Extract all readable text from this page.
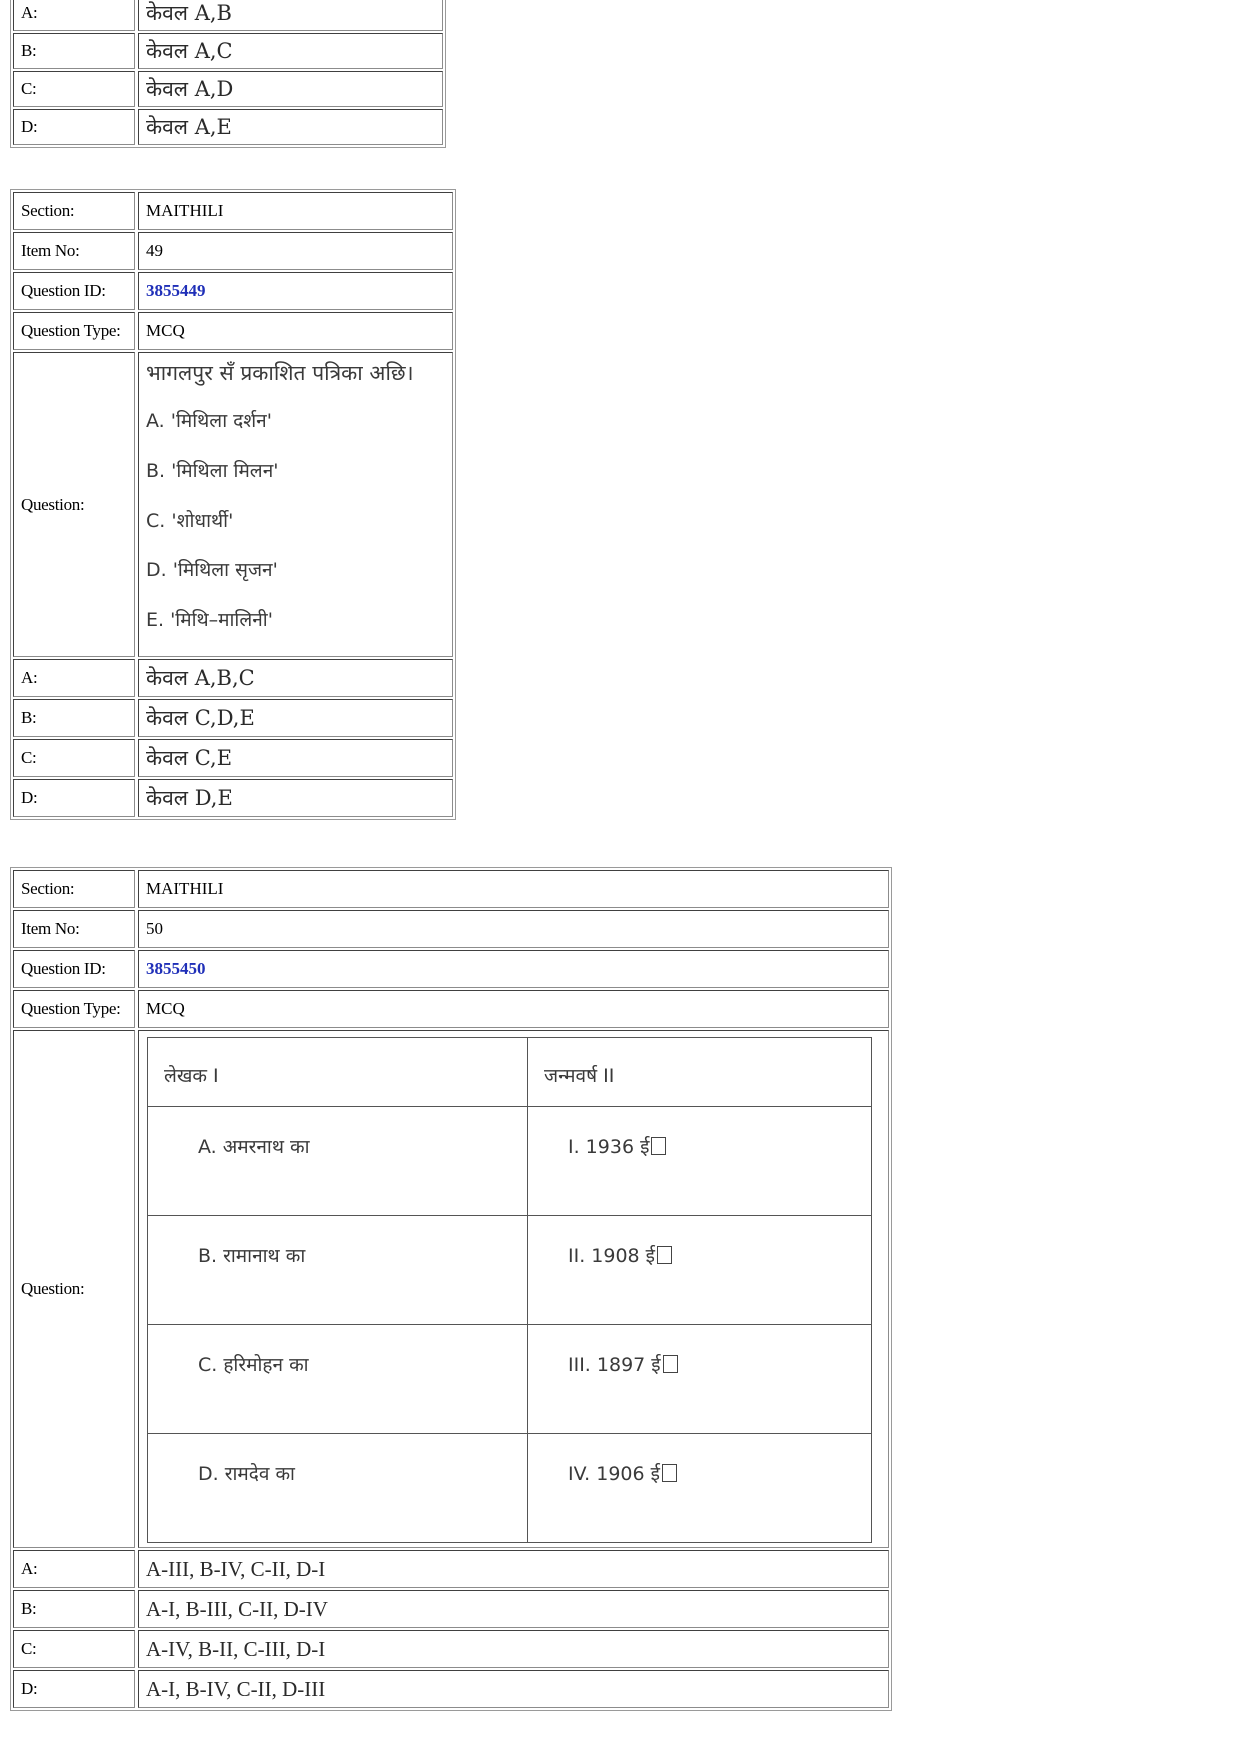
A:	केवल A,B
B:	केवल A,C
C:	केवल A,D
D:	केवल A,E
Section:	MAITHILI
Item No:	49
Question ID:	3855449
Question Type:	MCQ
Question:
भागलपुर सँ प्रकाशित पत्रिका अछि।
A. 'मिथिला दर्शन'
B. 'मिथिला मिलन'
C. 'शोधार्थी'
D. 'मिथिला सृजन'
E. 'मिथि–मालिनी'
A:	केवल A,B,C
B:	केवल C,D,E
C:	केवल C,E
D:	केवल D,E
Section:	MAITHILI
Item No:	50
Question ID:	3855450
Question Type:	MCQ
Question:
लेखक I	जन्मवर्ष II
A. अमरनाथ का	I. 1936 ई
B. रामानाथ का	II. 1908 ई
C. हरिमोहन का	III. 1897 ई
D. रामदेव का	IV. 1906 ई
A:	A-III, B-IV, C-II, D-I
B:	A-I, B-III, C-II, D-IV
C:	A-IV, B-II, C-III, D-I
D:	A-I, B-IV, C-II, D-III
